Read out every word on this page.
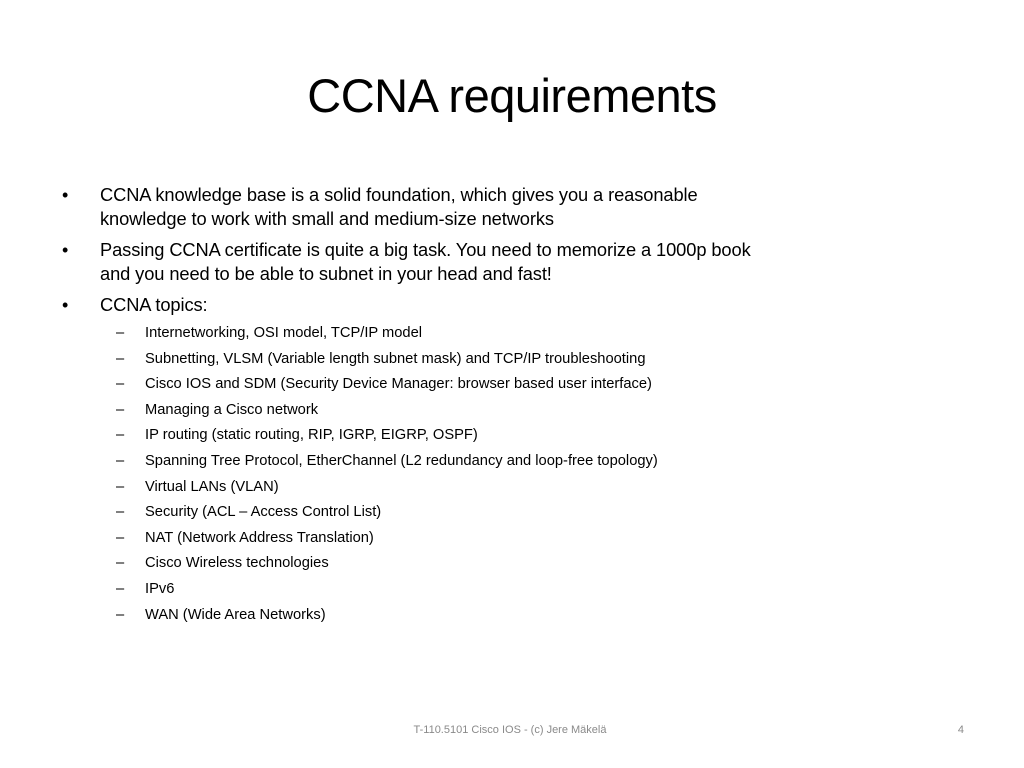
CCNA requirements
• CCNA knowledge base is a solid foundation, which gives you a reasonable
knowledge to work with small and medium-size networks
• Passing CCNA certificate is quite a big task. You need to memorize a 1000p book
and you need to be able to subnet in your head and fast!
• CCNA topics:
– Internetworking, OSI model, TCP/IP model
– Subnetting, VLSM (Variable length subnet mask) and TCP/IP troubleshooting
– Cisco IOS and SDM (Security Device Manager: browser based user interface)
– Managing a Cisco network
– IP routing (static routing, RIP, IGRP, EIGRP, OSPF)
– Spanning Tree Protocol, EtherChannel (L2 redundancy and loop-free topology)
– Virtual LANs (VLAN)
– Security (ACL – Access Control List)
– NAT (Network Address Translation)
– Cisco Wireless technologies
– IPv6
– WAN (Wide Area Networks)
T-110.5101 Cisco IOS - (c) Jere Mäkelä	4
